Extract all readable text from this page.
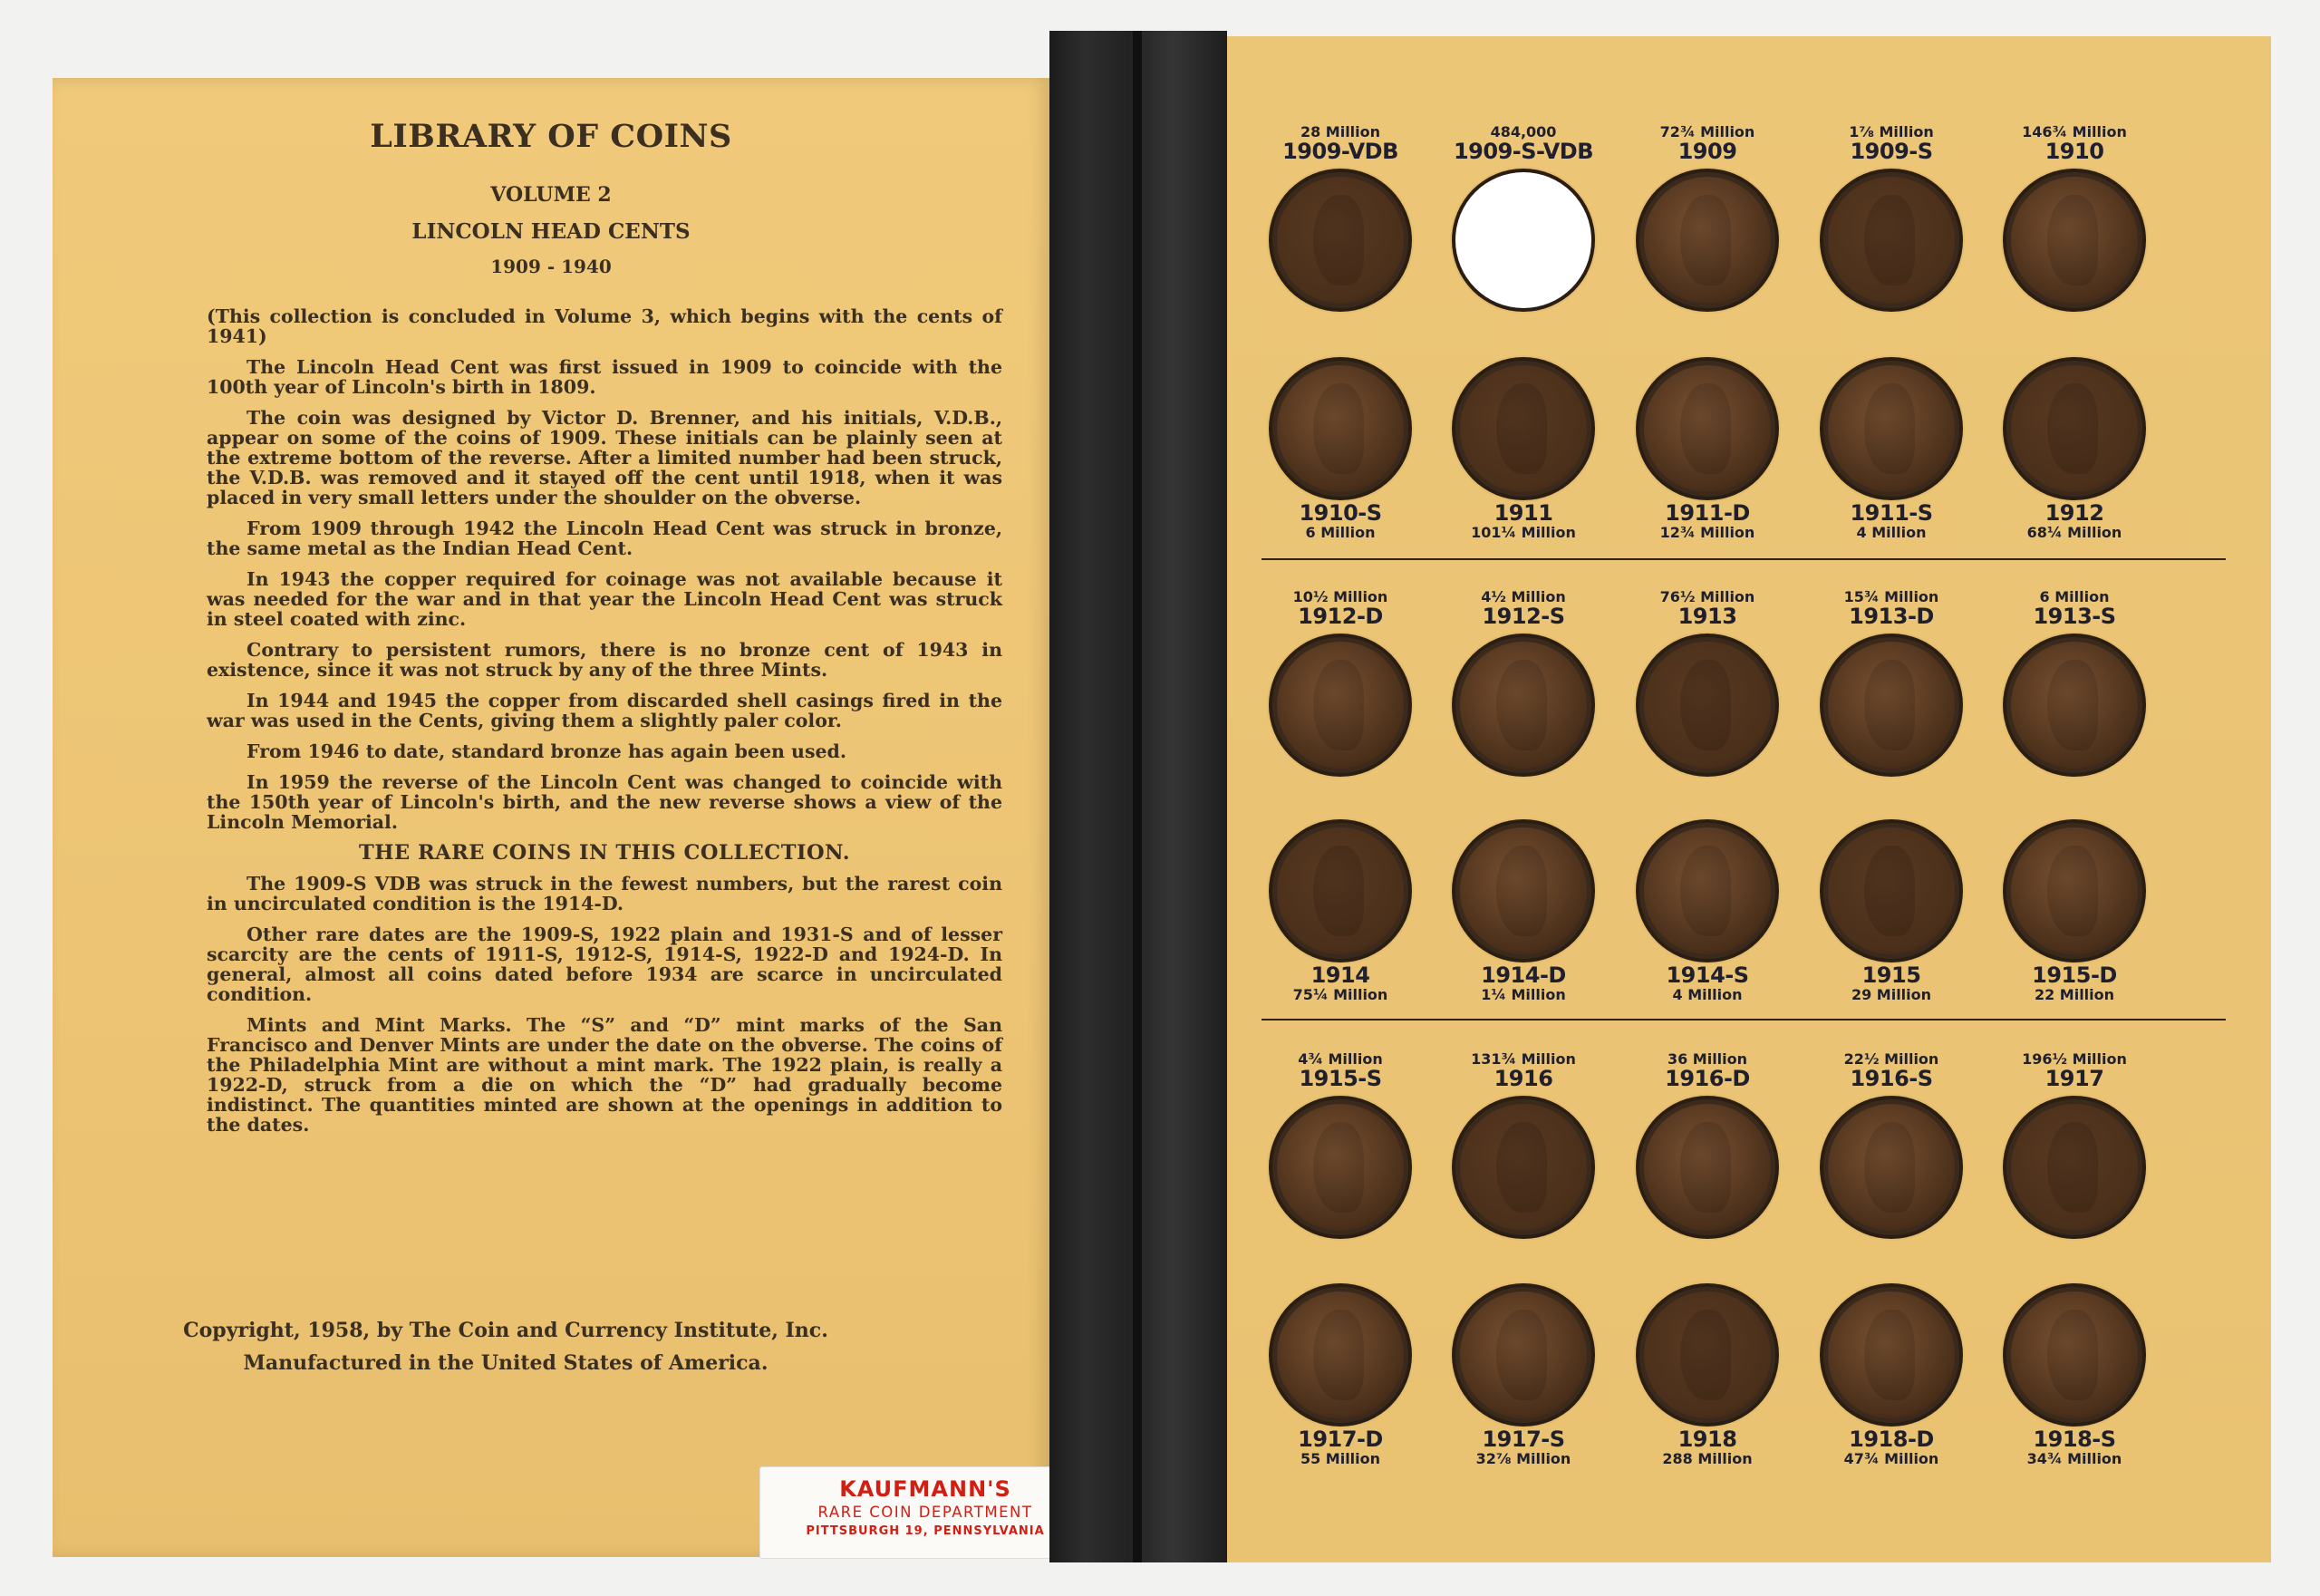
LIBRARY OF COINS
VOLUME 2
LINCOLN HEAD CENTS
1909 - 1940

(This collection is concluded in Volume 3, which begins with the cents of 1941)

The Lincoln Head Cent was first issued in 1909 to coincide with the 100th year of Lincoln's birth in 1809.

The coin was designed by Victor D. Brenner, and his initials, V.D.B., appear on some of the coins of 1909. These initials can be plainly seen at the extreme bottom of the reverse. After a limited number had been struck, the V.D.B. was removed and it stayed off the cent until 1918, when it was placed in very small letters under the shoulder on the obverse.

From 1909 through 1942 the Lincoln Head Cent was struck in bronze, the same metal as the Indian Head Cent.

In 1943 the copper required for coinage was not available because it was needed for the war and in that year the Lincoln Head Cent was struck in steel coated with zinc.

Contrary to persistent rumors, there is no bronze cent of 1943 in existence, since it was not struck by any of the three Mints.

In 1944 and 1945 the copper from discarded shell casings fired in the war was used in the Cents, giving them a slightly paler color.

From 1946 to date, standard bronze has again been used.

In 1959 the reverse of the Lincoln Cent was changed to coincide with the 150th year of Lincoln's birth, and the new reverse shows a view of the Lincoln Memorial.

THE RARE COINS IN THIS COLLECTION.

The 1909-S VDB was struck in the fewest numbers, but the rarest coin in uncirculated condition is the 1914-D.

Other rare dates are the 1909-S, 1922 plain and 1931-S and of lesser scarcity are the cents of 1911-S, 1912-S, 1914-S, 1922-D and 1924-D. In general, almost all coins dated before 1934 are scarce in uncirculated condition.

Mints and Mint Marks. The “S” and “D” mint marks of the San Francisco and Denver Mints are under the date on the obverse. The coins of the Philadelphia Mint are without a mint mark. The 1922 plain, is really a 1922-D, struck from a die on which the “D” had gradually become indistinct. The quantities minted are shown at the openings in addition to the dates.

Copyright, 1958, by The Coin and Currency Institute, Inc.
Manufactured in the United States of America.
KAUFMANN'S
RARE COIN DEPARTMENT
PITTSBURGH 19, PENNSYLVANIA
28 Million
1909-VDB
484,000
1909-S-VDB
72¾ Million
1909
1⅞ Million
1909-S
146¾ Million
1910
1910-S
6 Million
1911
101¼ Million
1911-D
12¾ Million
1911-S
4 Million
1912
68¼ Million
10½ Million
1912-D
4½ Million
1912-S
76½ Million
1913
15¾ Million
1913-D
6 Million
1913-S
1914
75¼ Million
1914-D
1¼ Million
1914-S
4 Million
1915
29 Million
1915-D
22 Million
4¾ Million
1915-S
131¾ Million
1916
36 Million
1916-D
22½ Million
1916-S
196½ Million
1917
1917-D
55 Million
1917-S
32⅞ Million
1918
288 Million
1918-D
47¾ Million
1918-S
34¾ Million
